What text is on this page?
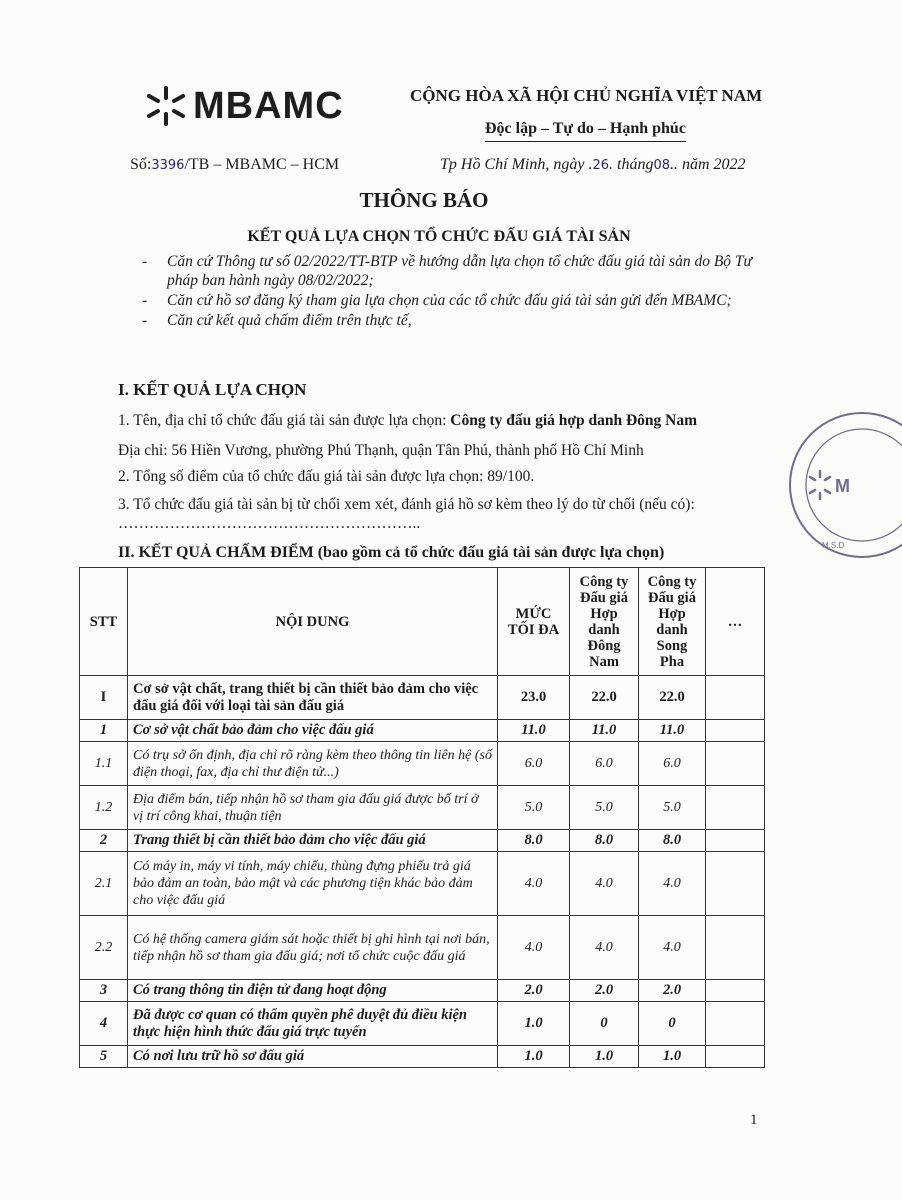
MBAMC	CỘNG HÒA XÃ HỘI CHỦ NGHĨA VIỆT NAM
Độc lập – Tự do – Hạnh phúc
Số:3396/TB – MBAMC – HCM	Tp Hồ Chí Minh, ngày .26. tháng08.. năm 2022
THÔNG BÁO
KẾT QUẢ LỰA CHỌN TỔ CHỨC ĐẤU GIÁ TÀI SẢN
- Căn cứ Thông tư số 02/2022/TT-BTP về hướng dẫn lựa chọn tổ chức đấu giá tài sản do Bộ Tư pháp ban hành ngày 08/02/2022;
- Căn cứ hồ sơ đăng ký tham gia lựa chọn của các tổ chức đấu giá tài sản gửi đến MBAMC;
- Căn cứ kết quả chấm điểm trên thực tế,
I. KẾT QUẢ LỰA CHỌN
1. Tên, địa chỉ tổ chức đấu giá tài sản được lựa chọn: Công ty đấu giá hợp danh Đông Nam
Địa chỉ: 56 Hiền Vương, phường Phú Thạnh, quận Tân Phú, thành phố Hồ Chí Minh
2. Tổng số điểm của tổ chức đấu giá tài sản được lựa chọn: 89/100.
3. Tổ chức đấu giá tài sản bị từ chối xem xét, đánh giá hồ sơ kèm theo lý do từ chối (nếu có): …………………………………………………..
II. KẾT QUẢ CHẤM ĐIỂM (bao gồm cả tổ chức đấu giá tài sản được lựa chọn)
STT	NỘI DUNG	MỨC TỐI ĐA	Công ty Đấu giá Hợp danh Đông Nam	Công ty Đấu giá Hợp danh Song Pha	…
I	Cơ sở vật chất, trang thiết bị cần thiết bảo đảm cho việc đấu giá đối với loại tài sản đấu giá	23.0	22.0	22.0	
1	Cơ sở vật chất bảo đảm cho việc đấu giá	11.0	11.0	11.0	
1.1	Có trụ sở ổn định, địa chỉ rõ ràng kèm theo thông tin liên hệ (số điện thoại, fax, địa chỉ thư điện tử...)	6.0	6.0	6.0	
1.2	Địa điểm bán, tiếp nhận hồ sơ tham gia đấu giá được bố trí ở vị trí công khai, thuận tiện	5.0	5.0	5.0	
2	Trang thiết bị cần thiết bảo đảm cho việc đấu giá	8.0	8.0	8.0	
2.1	Có máy in, máy vi tính, máy chiếu, thùng đựng phiếu trả giá bảo đảm an toàn, bảo mật và các phương tiện khác bảo đảm cho việc đấu giá	4.0	4.0	4.0	
2.2	Có hệ thống camera giám sát hoặc thiết bị ghi hình tại nơi bán, tiếp nhận hồ sơ tham gia đấu giá; nơi tổ chức cuộc đấu giá	4.0	4.0	4.0	
3	Có trang thông tin điện tử đang hoạt động	2.0	2.0	2.0	
4	Đã được cơ quan có thẩm quyền phê duyệt đủ điều kiện thực hiện hình thức đấu giá trực tuyến	1.0	0	0	
5	Có nơi lưu trữ hồ sơ đấu giá	1.0	1.0	1.0	
M
M.S.D
1
